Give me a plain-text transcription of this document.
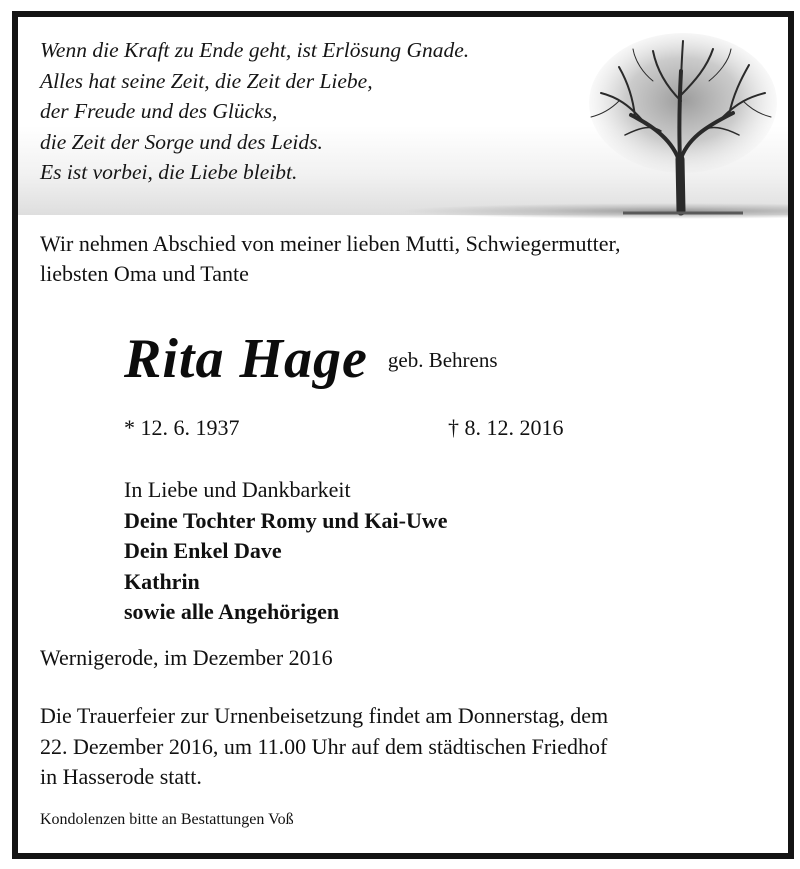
Wenn die Kraft zu Ende geht, ist Erlösung Gnade.
Alles hat seine Zeit, die Zeit der Liebe,
der Freude und des Glücks,
die Zeit der Sorge und des Leids.
Es ist vorbei, die Liebe bleibt.
Wir nehmen Abschied von meiner lieben Mutti, Schwiegermutter,
liebsten Oma und Tante
Rita Hage geb. Behrens
* 12. 6. 1937	† 8. 12. 2016
In Liebe und Dankbarkeit
Deine Tochter Romy und Kai-Uwe
Dein Enkel Dave
Kathrin
sowie alle Angehörigen
Wernigerode, im Dezember 2016
Die Trauerfeier zur Urnenbeisetzung findet am Donnerstag, dem
22. Dezember 2016, um 11.00 Uhr auf dem städtischen Friedhof
in Hasserode statt.
Kondolenzen bitte an Bestattungen Voß
